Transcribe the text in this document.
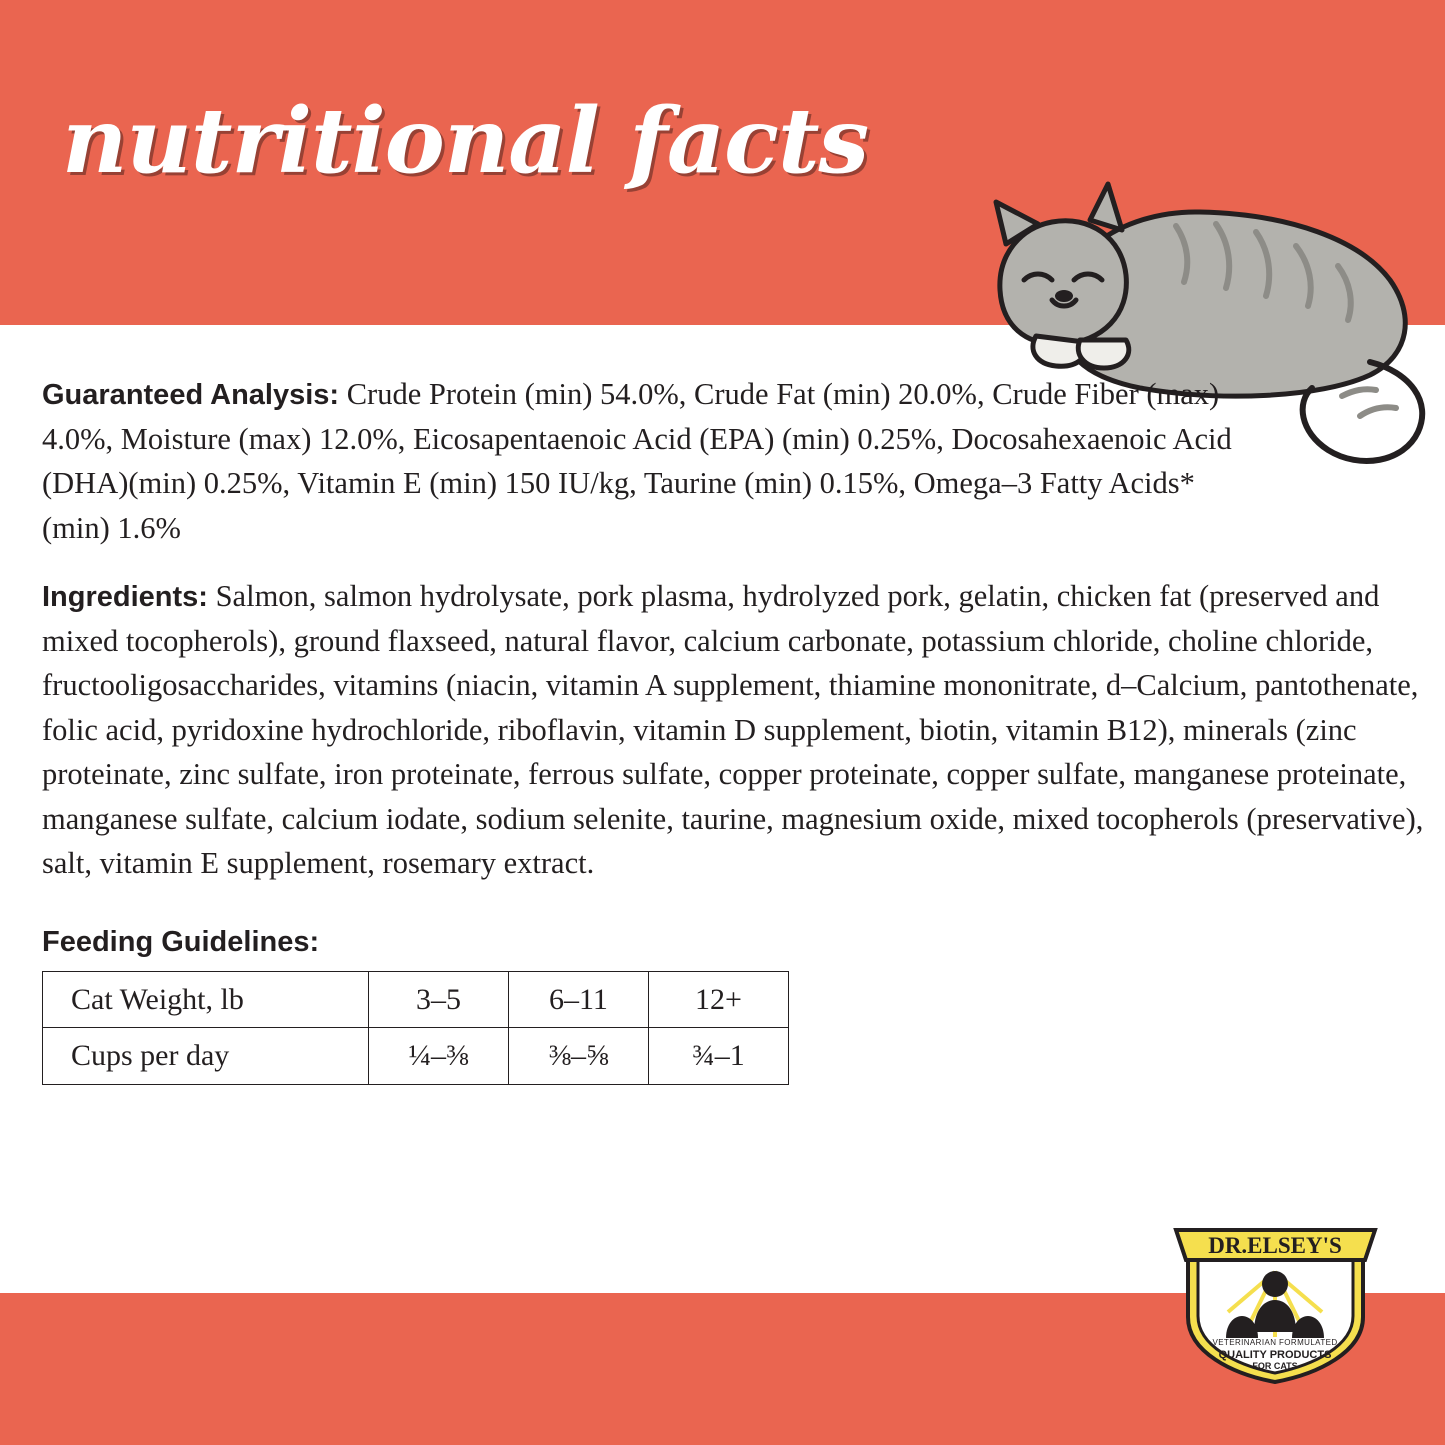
nutritional facts

Guaranteed Analysis: Crude Protein (min) 54.0%, Crude Fat (min) 20.0%, Crude Fiber (max) 4.0%, Moisture (max) 12.0%, Eicosapentaenoic Acid (EPA) (min) 0.25%, Docosahexaenoic Acid (DHA)(min) 0.25%, Vitamin E (min) 150 IU/kg, Taurine (min) 0.15%, Omega–3 Fatty Acids* (min) 1.6%

Ingredients: Salmon, salmon hydrolysate, pork plasma, hydrolyzed pork, gelatin, chicken fat (preserved and mixed tocopherols), ground flaxseed, natural flavor, calcium carbonate, potassium chloride, choline chloride, fructooligosaccharides, vitamins (niacin, vitamin A supplement, thiamine mononitrate, d–Calcium, pantothenate, folic acid, pyridoxine hydrochloride, riboflavin, vitamin D supplement, biotin, vitamin B12), minerals (zinc proteinate, zinc sulfate, iron proteinate, ferrous sulfate, copper proteinate, copper sulfate, manganese proteinate, manganese sulfate, calcium iodate, sodium selenite, taurine, magnesium oxide, mixed tocopherols (preservative), salt, vitamin E supplement, rosemary extract.

Feeding Guidelines:
Cat Weight, lb	3–5	6–11	12+
Cups per day	¼–⅜	⅜–⅝	¾–1
DR.ELSEY'S
VETERINARIAN FORMULATED
QUALITY PRODUCTS
FOR CATS
